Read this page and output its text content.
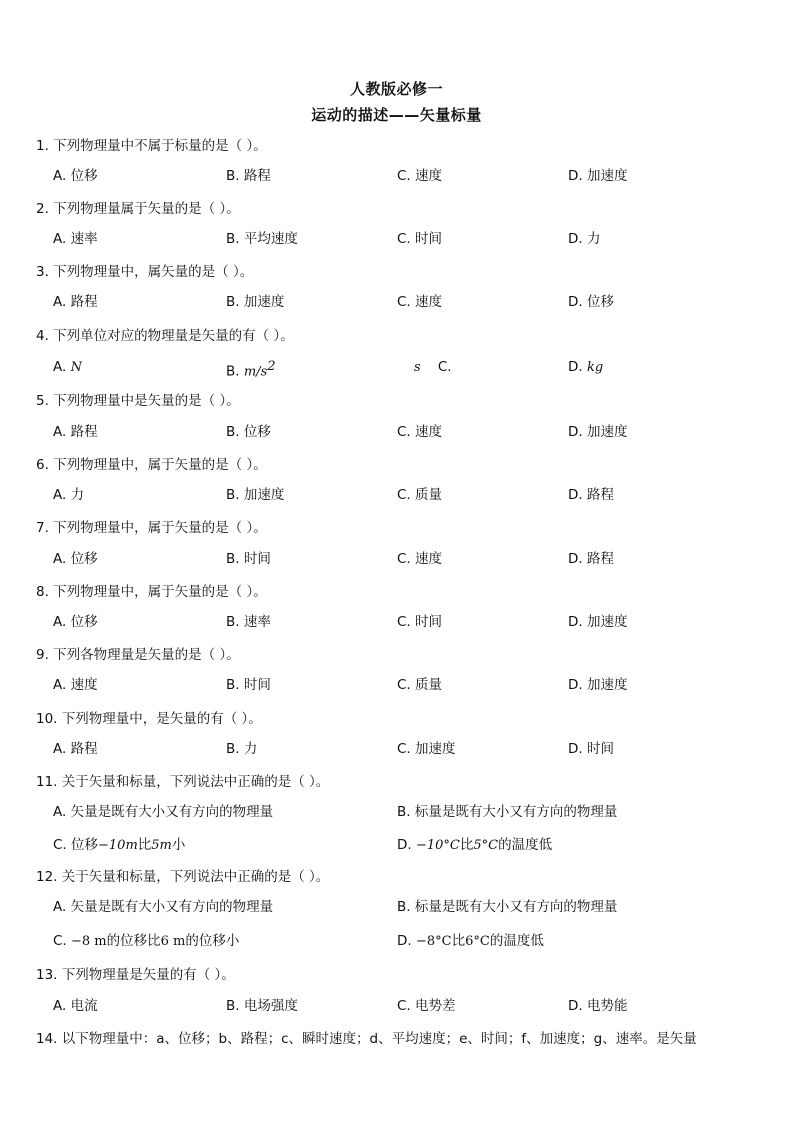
人教版必修一
运动的描述——矢量标量
1. 下列物理量中不属于标量的是（ ）。
A. 位移	B. 路程	C. 速度	D. 加速度
2. 下列物理量属于矢量的是（ ）。
A. 速率	B. 平均速度	C. 时间	D. 力
3. 下列物理量中，属矢量的是（ ）。
A. 路程	B. 加速度	C. 速度	D. 位移
4. 下列单位对应的物理量是矢量的有（ ）。
A. N	B. $m/s^2$	s C.	D. kg
5. 下列物理量中是矢量的是（ ）。
A. 路程	B. 位移	C. 速度	D. 加速度
6. 下列物理量中，属于矢量的是（ ）。
A. 力	B. 加速度	C. 质量	D. 路程
7. 下列物理量中，属于矢量的是（ ）。
A. 位移	B. 时间	C. 速度	D. 路程
8. 下列物理量中，属于矢量的是（ ）。
A. 位移	B. 速率	C. 时间	D. 加速度
9. 下列各物理量是矢量的是（ ）。
A. 速度	B. 时间	C. 质量	D. 加速度
10. 下列物理量中，是矢量的有（ ）。
A. 路程	B. 力	C. 加速度	D. 时间
11. 关于矢量和标量，下列说法中正确的是（ ）。
A. 矢量是既有大小又有方向的物理量	B. 标量是既有大小又有方向的物理量
C. 位移−10m比5m小	D. −10°C比5°C的温度低
12. 关于矢量和标量，下列说法中正确的是（ ）。
A. 矢量是既有大小又有方向的物理量	B. 标量是既有大小又有方向的物理量
C. −8 m的位移比6 m的位移小	D. −8°C比6°C的温度低
13. 下列物理量是矢量的有（ ）。
A. 电流	B. 电场强度	C. 电势差	D. 电势能
14. 以下物理量中：a、位移；b、路程；c、瞬时速度；d、平均速度；e、时间；f、加速度；g、速率。是矢量
